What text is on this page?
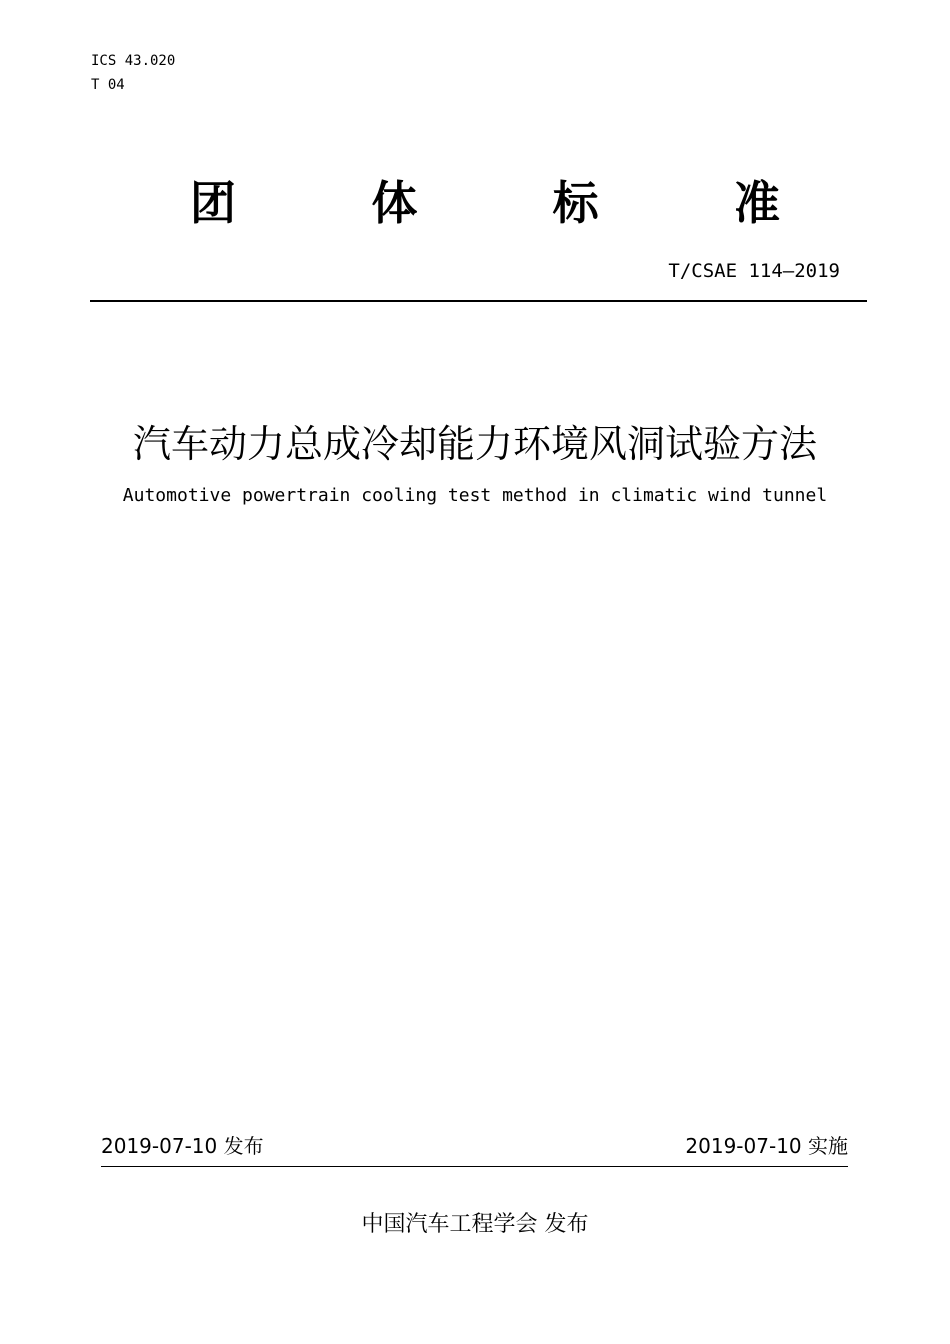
ICS 43.020
T 04
团	体	标	准
T/CSAE 114—2019
汽车动力总成冷却能力环境风洞试验方法
Automotive powertrain cooling test method in climatic wind tunnel
2019-07-10 发布	2019-07-10 实施
中国汽车工程学会 发布
